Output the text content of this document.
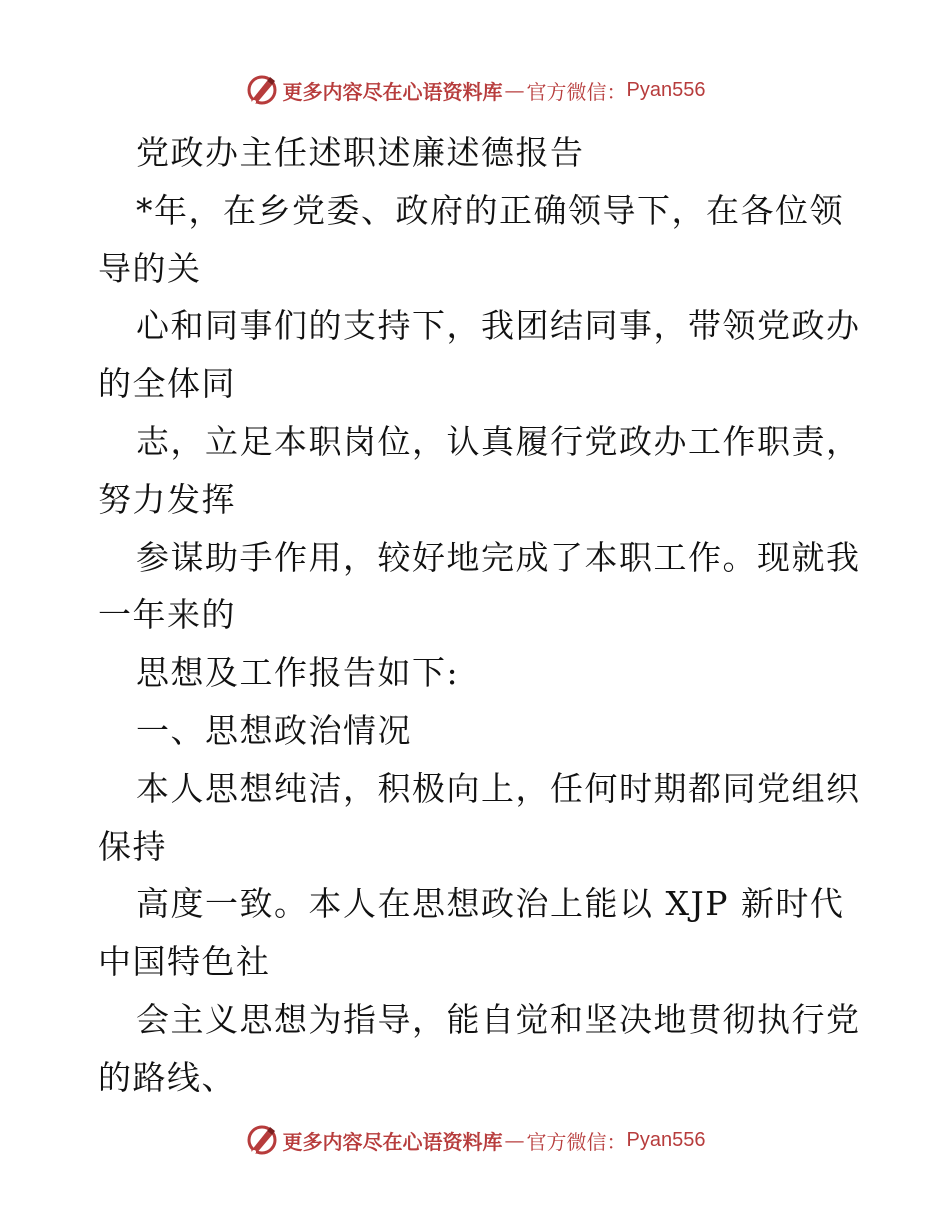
更多内容尽在心语资料库 — 官方微信： Pyan556
党政办主任述职述廉述德报告
*年，在乡党委、政府的正确领导下，在各位领
导的关
心和同事们的支持下，我团结同事，带领党政办
的全体同
志，立足本职岗位，认真履行党政办工作职责，
努力发挥
参谋助手作用，较好地完成了本职工作。现就我
一年来的
思想及工作报告如下:
一、思想政治情况
本人思想纯洁，积极向上，任何时期都同党组织
保持
高度一致。本人在思想政治上能以 XJP 新时代
中国特色社
会主义思想为指导，能自觉和坚决地贯彻执行党
的路线、
更多内容尽在心语资料库 — 官方微信： Pyan556
